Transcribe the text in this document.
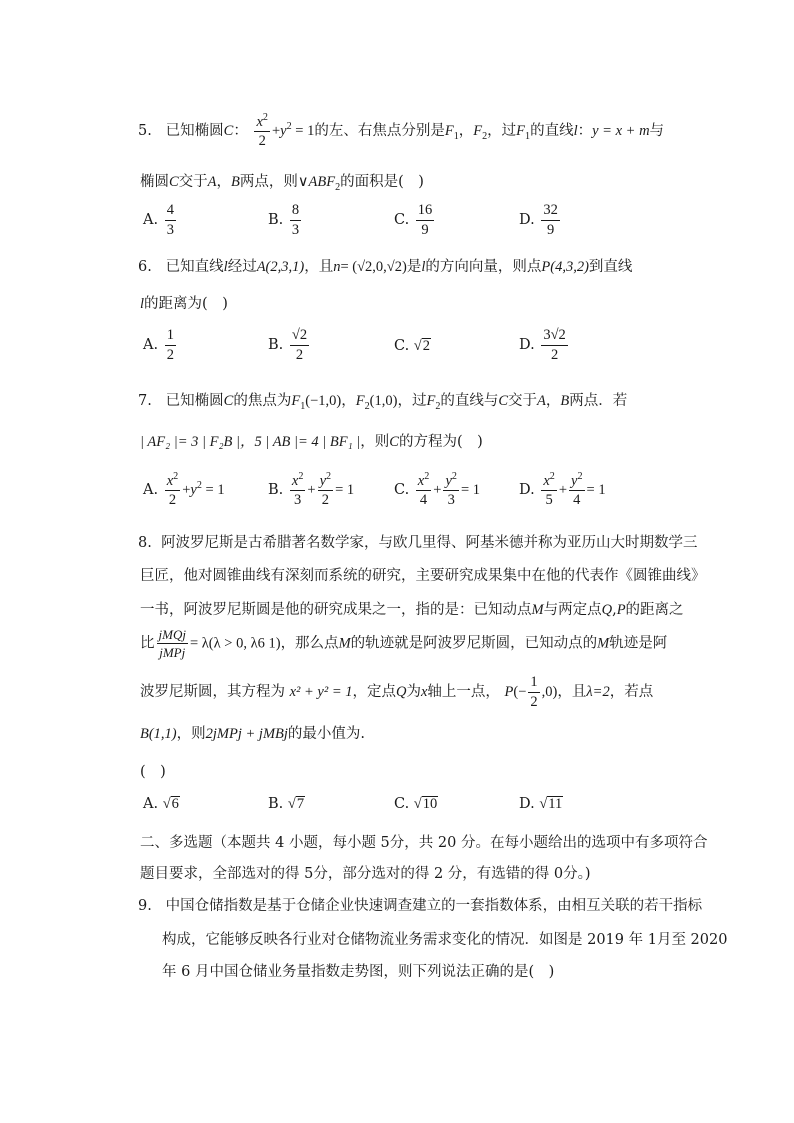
5. 已知椭圆C： $\frac{x^2}{2} +y^2 = 1$的左、右焦点分别是$F_1$，$F_2$，过$F_1$的直线l：y = x + m与
椭圆C交于A，B两点，则$\vee ABF_2$的面积是(　)
A. $\frac{4}{3}$	B. $\frac{8}{3}$	C. $\frac{16}{9}$	D. $\frac{32}{9}$
6. 已知直线l经过A(2,3,1)，且n= (√2,0,√2)是l的方向向量，则点P(4,3,2)到直线
l的距离为(　)
A. $\frac{1}{2}$	B. $\frac{√2}{2}$	C. √2	D. $\frac{3√2}{2}$
7. 已知椭圆C的焦点为$F_1(-1,0)$，$F_2(1,0)$，过$F_2$的直线与C交于A，B两点．若
| AF₂ |= 3 | F₂B |，5 | AB |= 4 | BF₁ |，则C的方程为(　)
A. $\frac{x^2}{2} +y^2 = 1$	B. $\frac{x^2}{3} + \frac{y^2}{2} = 1$	C. $\frac{x^2}{4} + \frac{y^2}{3} = 1$	D. $\frac{x^2}{5} + \frac{y^2}{4} = 1$
8. 阿波罗尼斯是古希腊著名数学家，与欧几里得、阿基米德并称为亚历山大时期数学三
巨匠，他对圆锥曲线有深刻而系统的研究，主要研究成果集中在他的代表作《圆锥曲线》
一书，阿波罗尼斯圆是他的研究成果之一，指的是：已知动点M与两定点Q,P的距离之
比 $\frac{\text{jMQj}}{\text{jMPj}} = \lambda(\lambda > 0$, λ6 1)，那么点M的轨迹就是阿波罗尼斯圆，已知动点的M轨迹是阿
波罗尼斯圆，其方程为 x² + y² = 1，定点Q为x轴上一点， $P(- \frac{1}{2} ,0)$，且λ=2，若点
B(1,1)，则2jMPj + jMBj的最小值为.
(　)
A. √6	B. √7	C. √10	D. √11
二、多选题（本题共 4 小题，每小题 5分，共 20 分。在每小题给出的选项中有多项符合
题目要求，全部选对的得 5分，部分选对的得 2 分，有选错的得 0分。)
9. 中国仓储指数是基于仓储企业快速调查建立的一套指数体系，由相互关联的若干指标
构成，它能够反映各行业对仓储物流业务需求变化的情况．如图是 2019 年 1月至 2020
年 6 月中国仓储业务量指数走势图，则下列说法正确的是(　)
